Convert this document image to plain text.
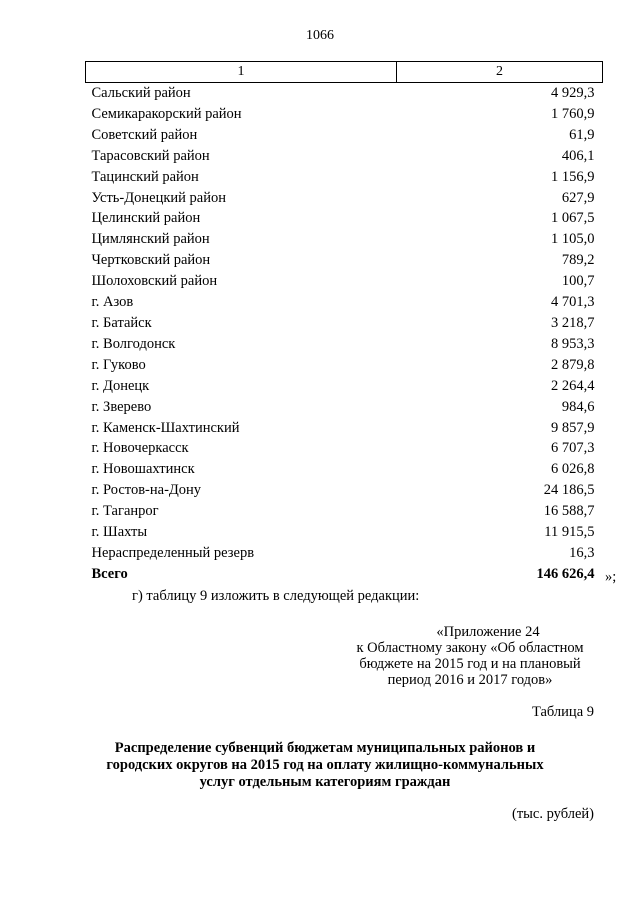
1066
1	2
Сальский район	4 929,3
Семикаракорский район	1 760,9
Советский район	61,9
Тарасовский район	406,1
Тацинский район	1 156,9
Усть-Донецкий район	627,9
Целинский район	1 067,5
Цимлянский район	1 105,0
Чертковский район	789,2
Шолоховский район	100,7
г. Азов	4 701,3
г. Батайск	3 218,7
г. Волгодонск	8 953,3
г. Гуково	2 879,8
г. Донецк	2 264,4
г. Зверево	984,6
г. Каменск-Шахтинский	9 857,9
г. Новочеркасск	6 707,3
г. Новошахтинск	6 026,8
г. Ростов-на-Дону	24 186,5
г. Таганрог	16 588,7
г. Шахты	11 915,5
Нераспределенный резерв	16,3
Всего	146 626,4 »;
г) таблицу 9 изложить в следующей редакции:
«Приложение 24
к Областному закону «Об областном
бюджете на 2015 год и на плановый
период 2016 и 2017 годов»
Таблица 9
Распределение субвенций бюджетам муниципальных районов и
городских округов на 2015 год на оплату жилищно-коммунальных
услуг отдельным категориям граждан
(тыс. рублей)
